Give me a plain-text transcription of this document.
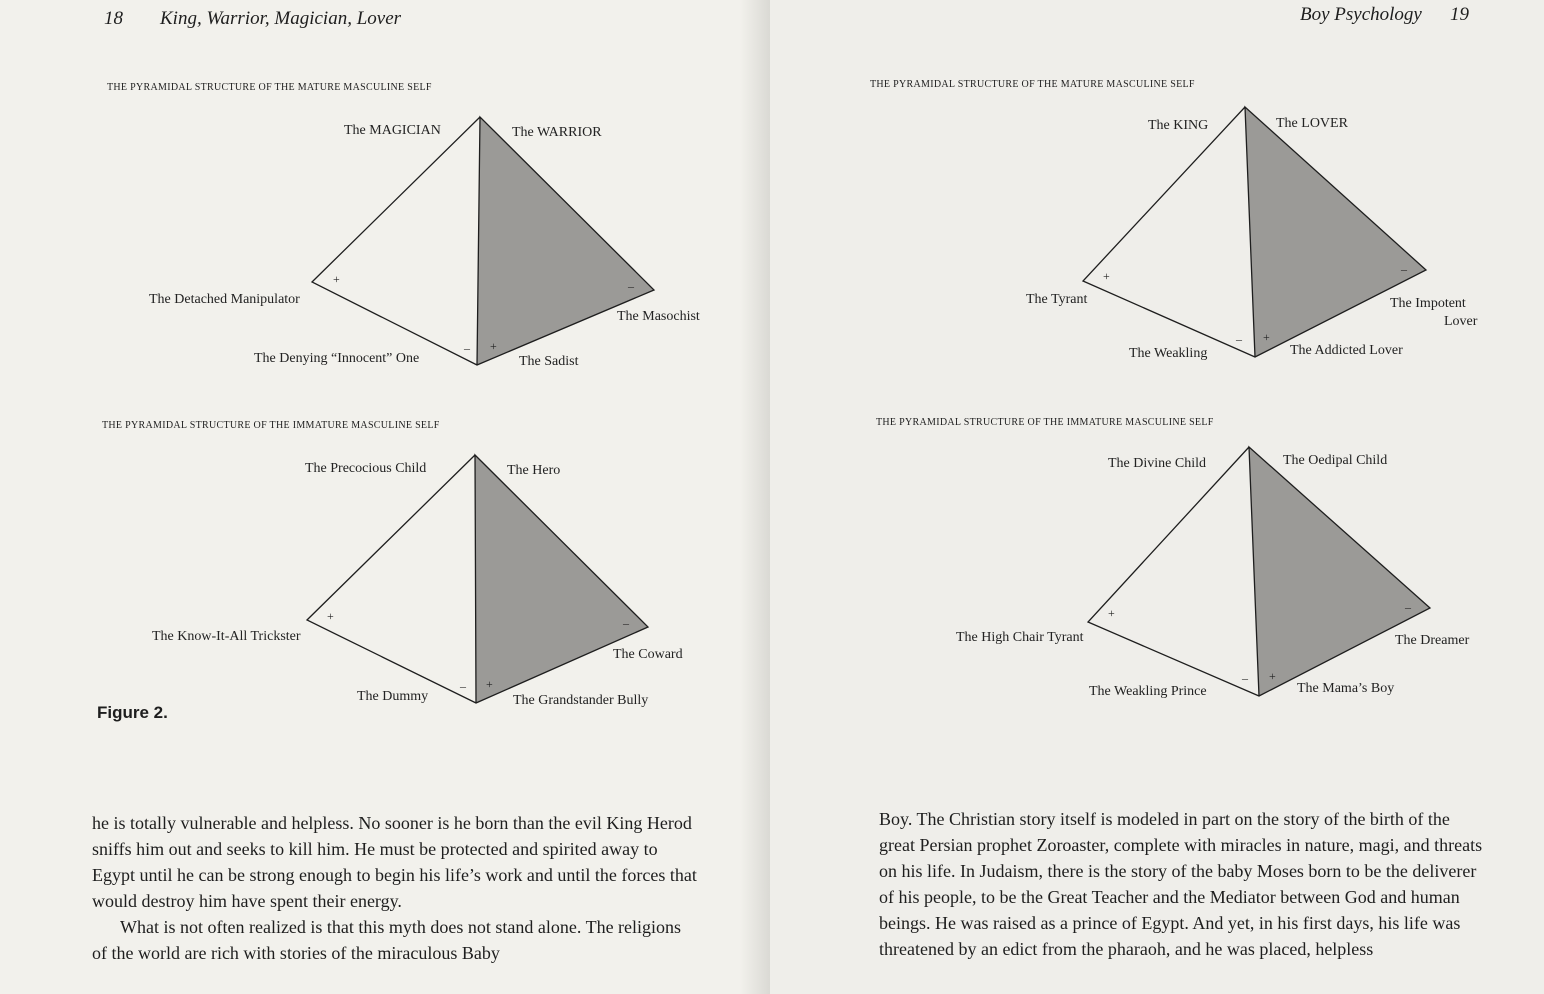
18 King, Warrior, Magician, Lover
THE PYRAMIDAL STRUCTURE OF THE MATURE MASCULINE SELF
THE PYRAMIDAL STRUCTURE OF THE IMMATURE MASCULINE SELF
The MAGICIAN	The WARRIOR
The Detached Manipulator
The Masochist
The Denying “Innocent” One	The Sadist
+	–
– +
The Precocious Child	The Hero
The Know-It-All Trickster
The Coward
The Dummy	The Grandstander Bully
+	–
– +
Figure 2.

he is totally vulnerable and helpless. No sooner is he born than the evil King Herod sniffs him out and seeks to kill him. He must be protected and spirited away to Egypt until he can be strong enough to begin his life’s work and until the forces that would destroy him have spent their energy.

What is not often realized is that this myth does not stand alone. The religions of the world are rich with stories of the miraculous Baby

Boy Psychology 19
THE PYRAMIDAL STRUCTURE OF THE MATURE MASCULINE SELF
THE PYRAMIDAL STRUCTURE OF THE IMMATURE MASCULINE SELF
The KING	The LOVER
The Tyrant	The Impotent
Lover
The Weakling	The Addicted Lover
+	–
– +
The Divine Child	The Oedipal Child
The High Chair Tyrant	The Dreamer
The Weakling Prince	The Mama’s Boy
+	–
– +

Boy. The Christian story itself is modeled in part on the story of the birth of the great Persian prophet Zoroaster, complete with miracles in nature, magi, and threats on his life. In Judaism, there is the story of the baby Moses born to be the deliverer of his people, to be the Great Teacher and the Mediator between God and human beings. He was raised as a prince of Egypt. And yet, in his first days, his life was threatened by an edict from the pharaoh, and he was placed, helpless
